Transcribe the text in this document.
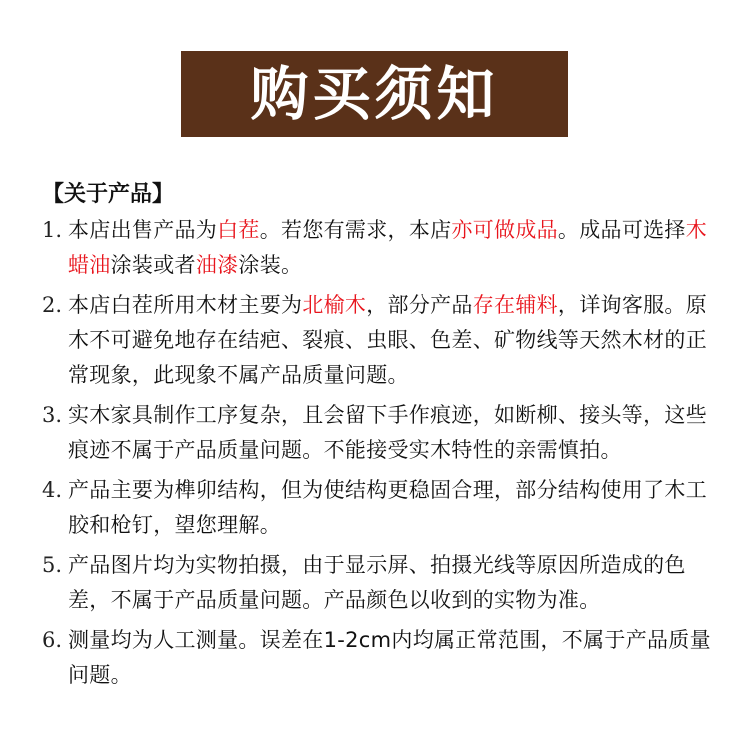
购买须知
【关于产品】
1. 本店出售产品为白茬。若您有需求，本店亦可做成品。成品可选择木蜡油涂装或者油漆涂装。
2. 本店白茬所用木材主要为北榆木，部分产品存在辅料，详询客服。原木不可避免地存在结疤、裂痕、虫眼、色差、矿物线等天然木材的正常现象，此现象不属产品质量问题。
3. 实木家具制作工序复杂，且会留下手作痕迹，如断柳、接头等，这些痕迹不属于产品质量问题。不能接受实木特性的亲需慎拍。
4. 产品主要为榫卯结构，但为使结构更稳固合理，部分结构使用了木工胶和枪钉，望您理解。
5. 产品图片均为实物拍摄，由于显示屏、拍摄光线等原因所造成的色差，不属于产品质量问题。产品颜色以收到的实物为准。
6. 测量均为人工测量。误差在1-2cm内均属正常范围，不属于产品质量问题。
